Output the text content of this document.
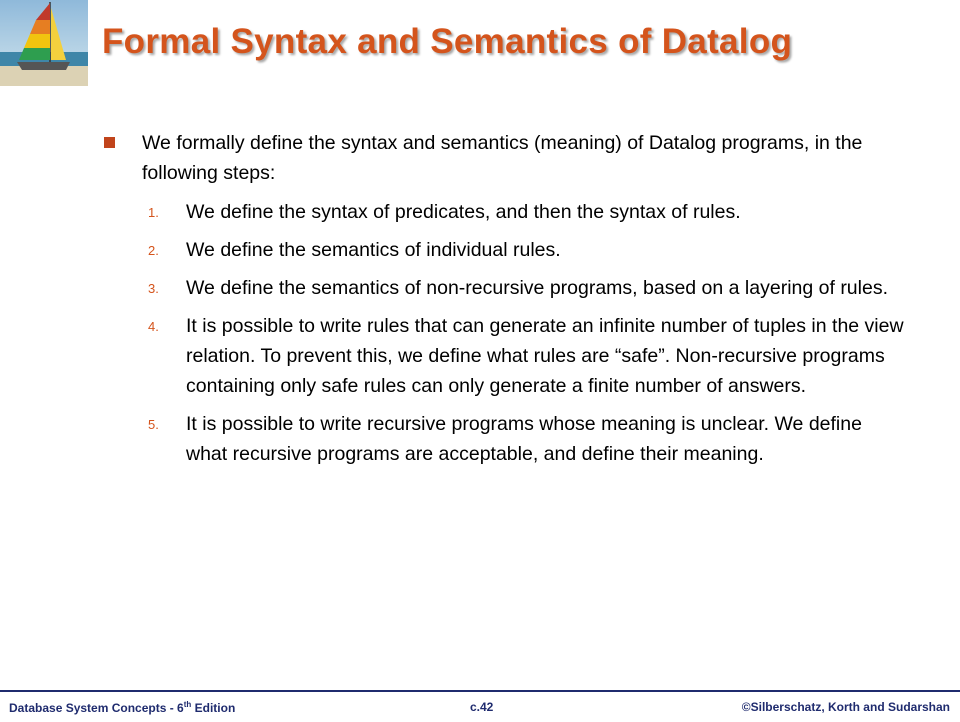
Formal Syntax and Semantics of Datalog

We formally define the syntax and semantics (meaning) of Datalog programs, in the following steps:

1. We define the syntax of predicates, and then the syntax of rules.
2. We define the semantics of individual rules.
3. We define the semantics of non-recursive programs, based on a layering of rules.
4. It is possible to write rules that can generate an infinite number of tuples in the view relation. To prevent this, we define what rules are “safe”. Non-recursive programs containing only safe rules can only generate a finite number of answers.
5. It is possible to write recursive programs whose meaning is unclear. We define what recursive programs are acceptable, and define their meaning.
Database System Concepts - 6th Edition	c.42	©Silberschatz, Korth and Sudarshan
